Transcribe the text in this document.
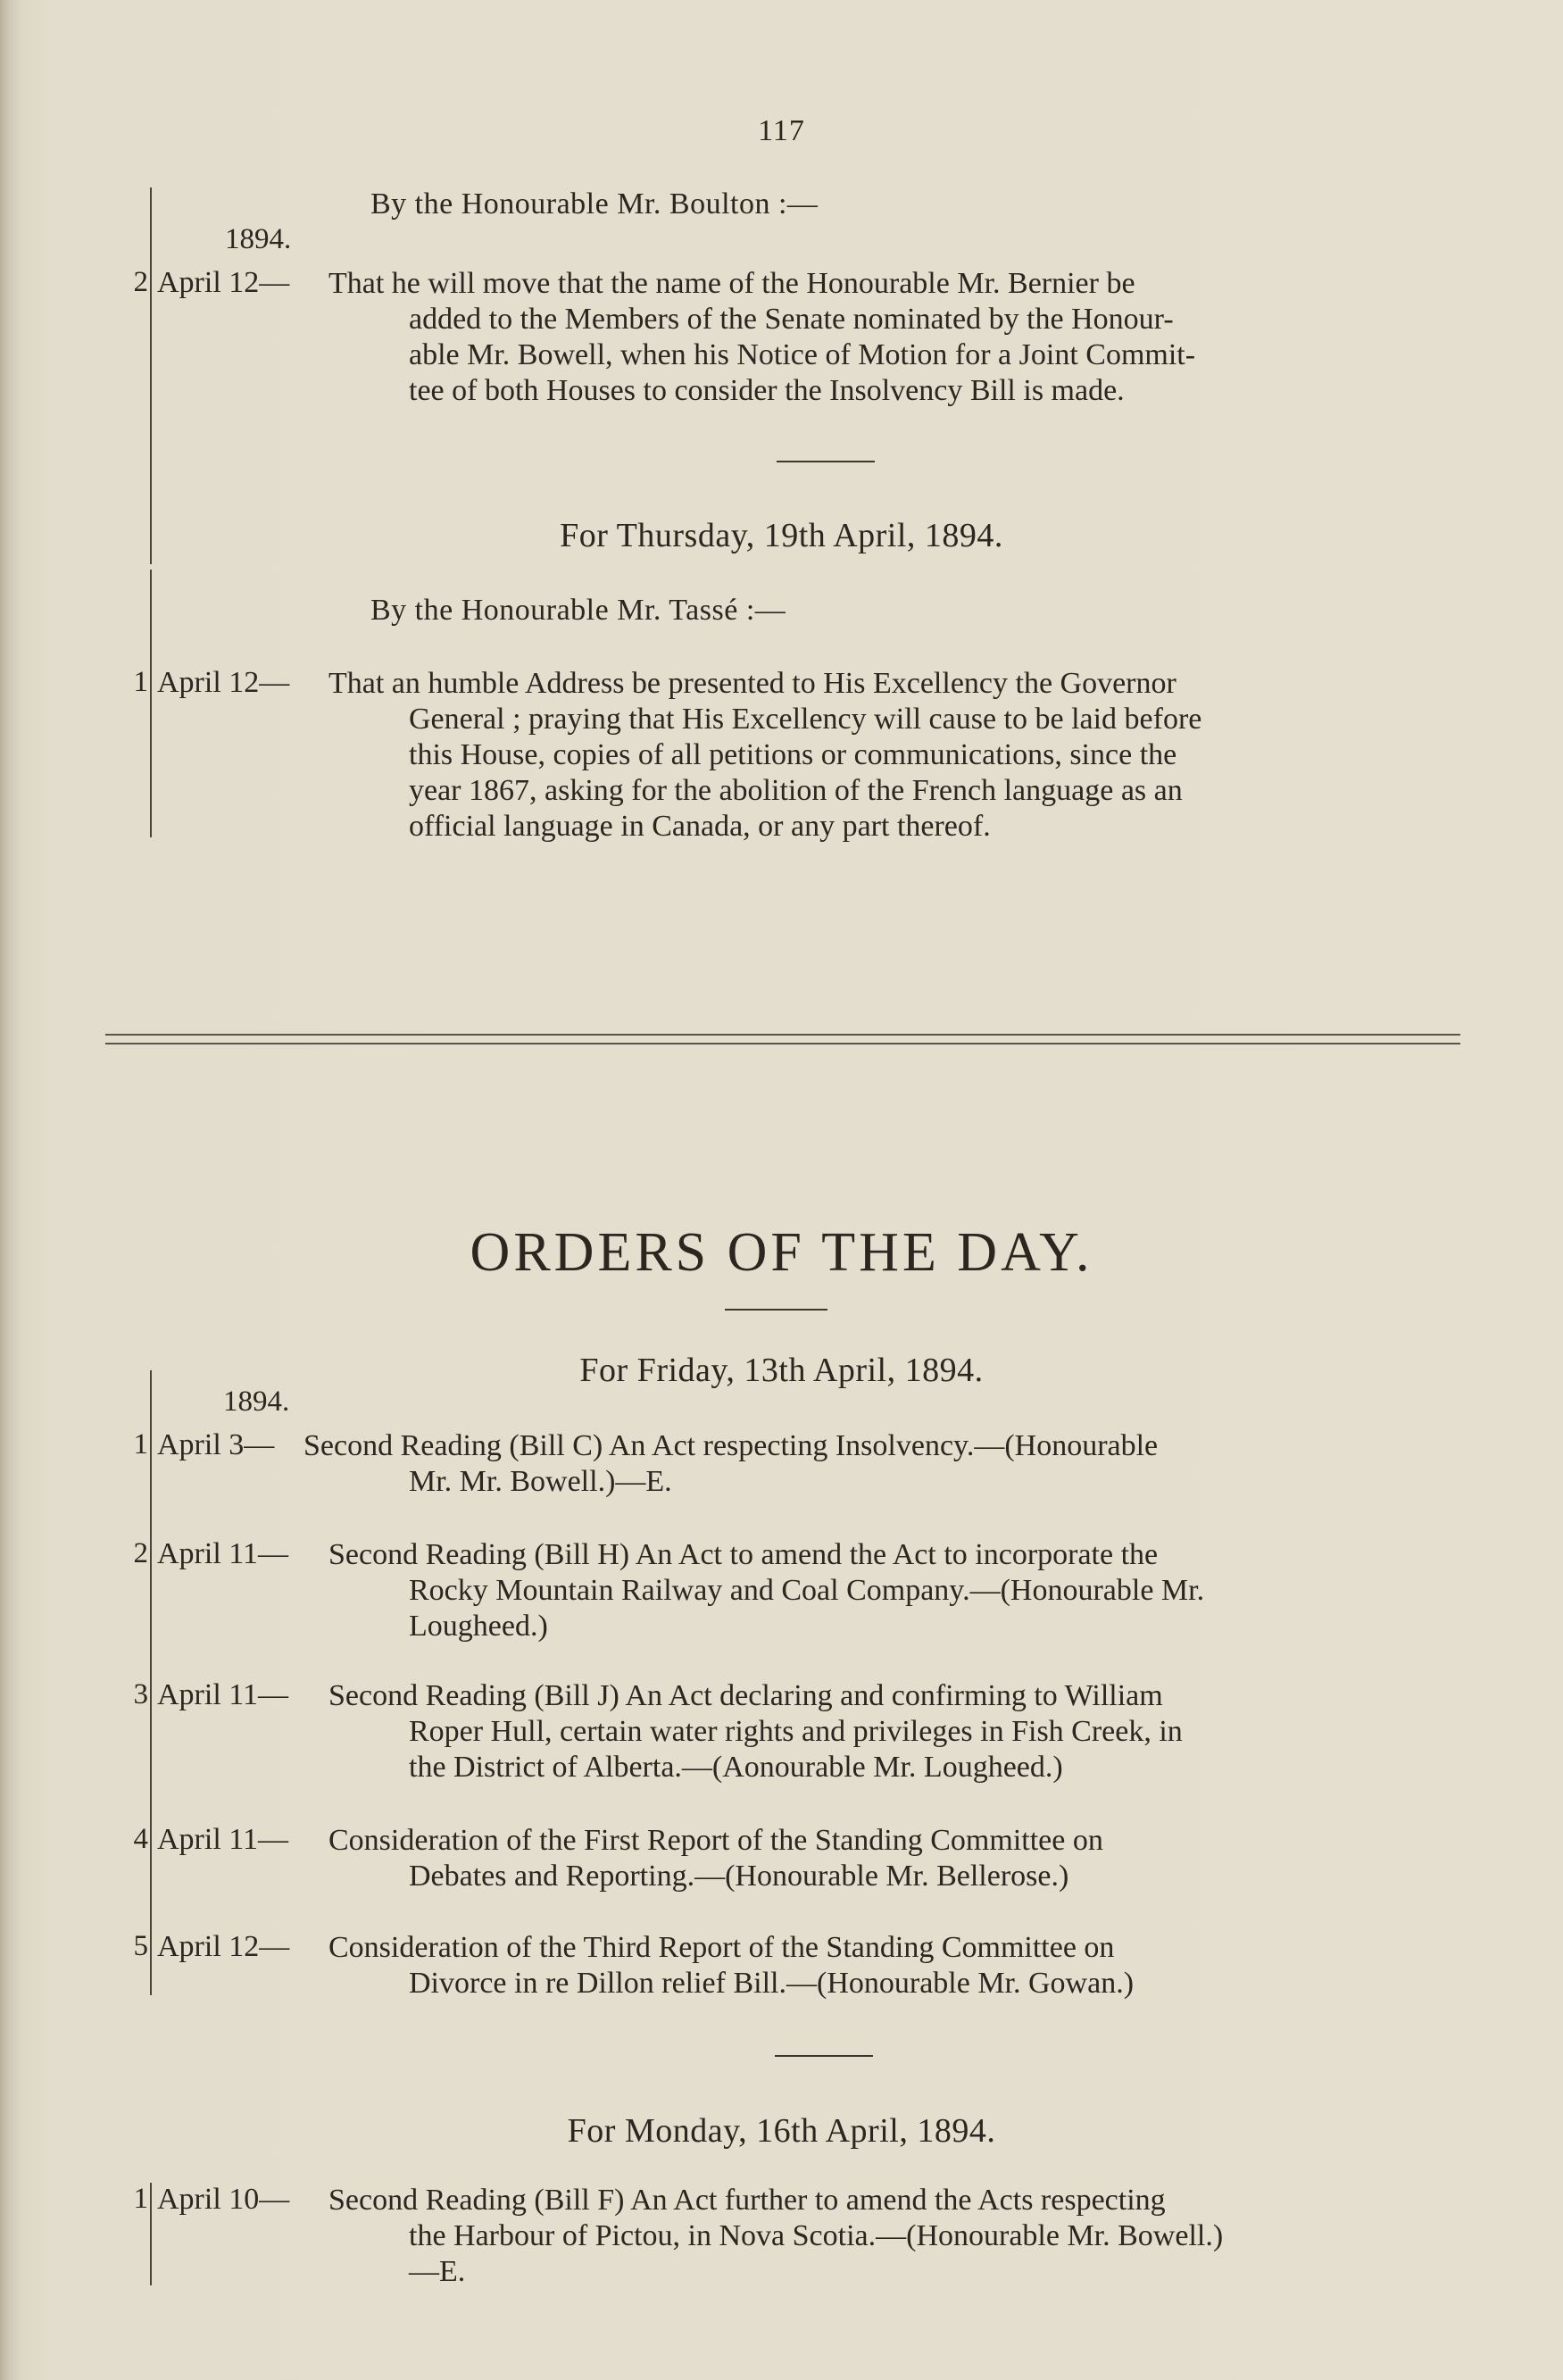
117
By the Honourable Mr. Boulton :—
1894.
2 April 12— That he will move that the name of the Honourable Mr. Bernier be
added to the Members of the Senate nominated by the Honour-
able Mr. Bowell, when his Notice of Motion for a Joint Commit-
tee of both Houses to consider the Insolvency Bill is made.
For Thursday, 19th April, 1894.
By the Honourable Mr. Tassé :—
1 April 12— That an humble Address be presented to His Excellency the Governor
General ; praying that His Excellency will cause to be laid before
this House, copies of all petitions or communications, since the
year 1867, asking for the abolition of the French language as an
official language in Canada, or any part thereof.
ORDERS OF THE DAY.
For Friday, 13th April, 1894.
1894.
1 April 3— Second Reading (Bill C) An Act respecting Insolvency.—(Honourable
Mr. Mr. Bowell.)—E.
2 April 11— Second Reading (Bill H) An Act to amend the Act to incorporate the
Rocky Mountain Railway and Coal Company.—(Honourable Mr.
Lougheed.)
3 April 11— Second Reading (Bill J) An Act declaring and confirming to William
Roper Hull, certain water rights and privileges in Fish Creek, in
the District of Alberta.—(Aonourable Mr. Lougheed.)
4 April 11— Consideration of the First Report of the Standing Committee on
Debates and Reporting.—(Honourable Mr. Bellerose.)
5 April 12— Consideration of the Third Report of the Standing Committee on
Divorce in re Dillon relief Bill.—(Honourable Mr. Gowan.)
For Monday, 16th April, 1894.
1 April 10— Second Reading (Bill F) An Act further to amend the Acts respecting
the Harbour of Pictou, in Nova Scotia.—(Honourable Mr. Bowell.)
—E.
